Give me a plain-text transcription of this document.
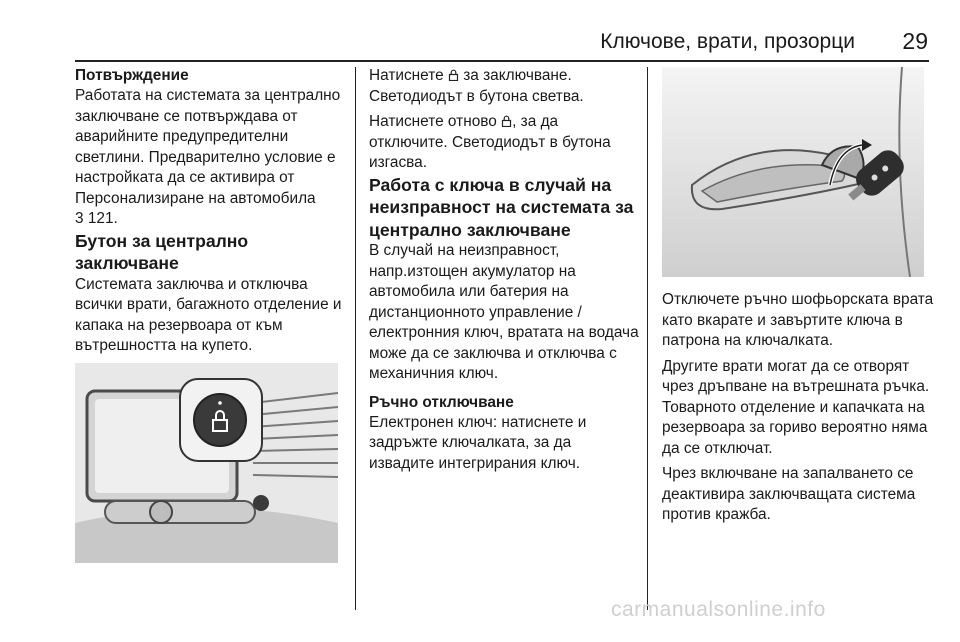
Ключове, врати, прозорци	29

Потвърждение

Работата на системата за централно заключване се потвърждава от аварийните предупредителни светлини. Предварително условие е настройката да се активира от Персонализиране на автомобила
3 121.

Бутон за централно заключване

Системата заключва и отключва всички врати, багажното отделение и капака на резервоара от към вътрешността на купето.

Натиснете за заключване. Светодиодът в бутона светва.

Натиснете отново , за да отключите. Светодиодът в бутона изгасва.

Работа с ключа в случай на неизправност на системата за централно заключване

В случай на неизправност, напр.изтощен акумулатор на автомобила или батерия на дистанционното управление / електронния ключ, вратата на водача може да се заключва и отключва с механичния ключ.

Ръчно отключване

Електронен ключ: натиснете и задръжте ключалката, за да извадите интегрирания ключ.

Отключете ръчно шофьорската врата като вкарате и завъртите ключа в патрона на ключалката.

Другите врати могат да се отворят чрез дръпване на вътрешната ръчка. Товарното отделение и капачката на резервоара за гориво вероятно няма да се отключат.

Чрез включване на запалването се деактивира заключващата система против кражба.

carmanualsonline.info
